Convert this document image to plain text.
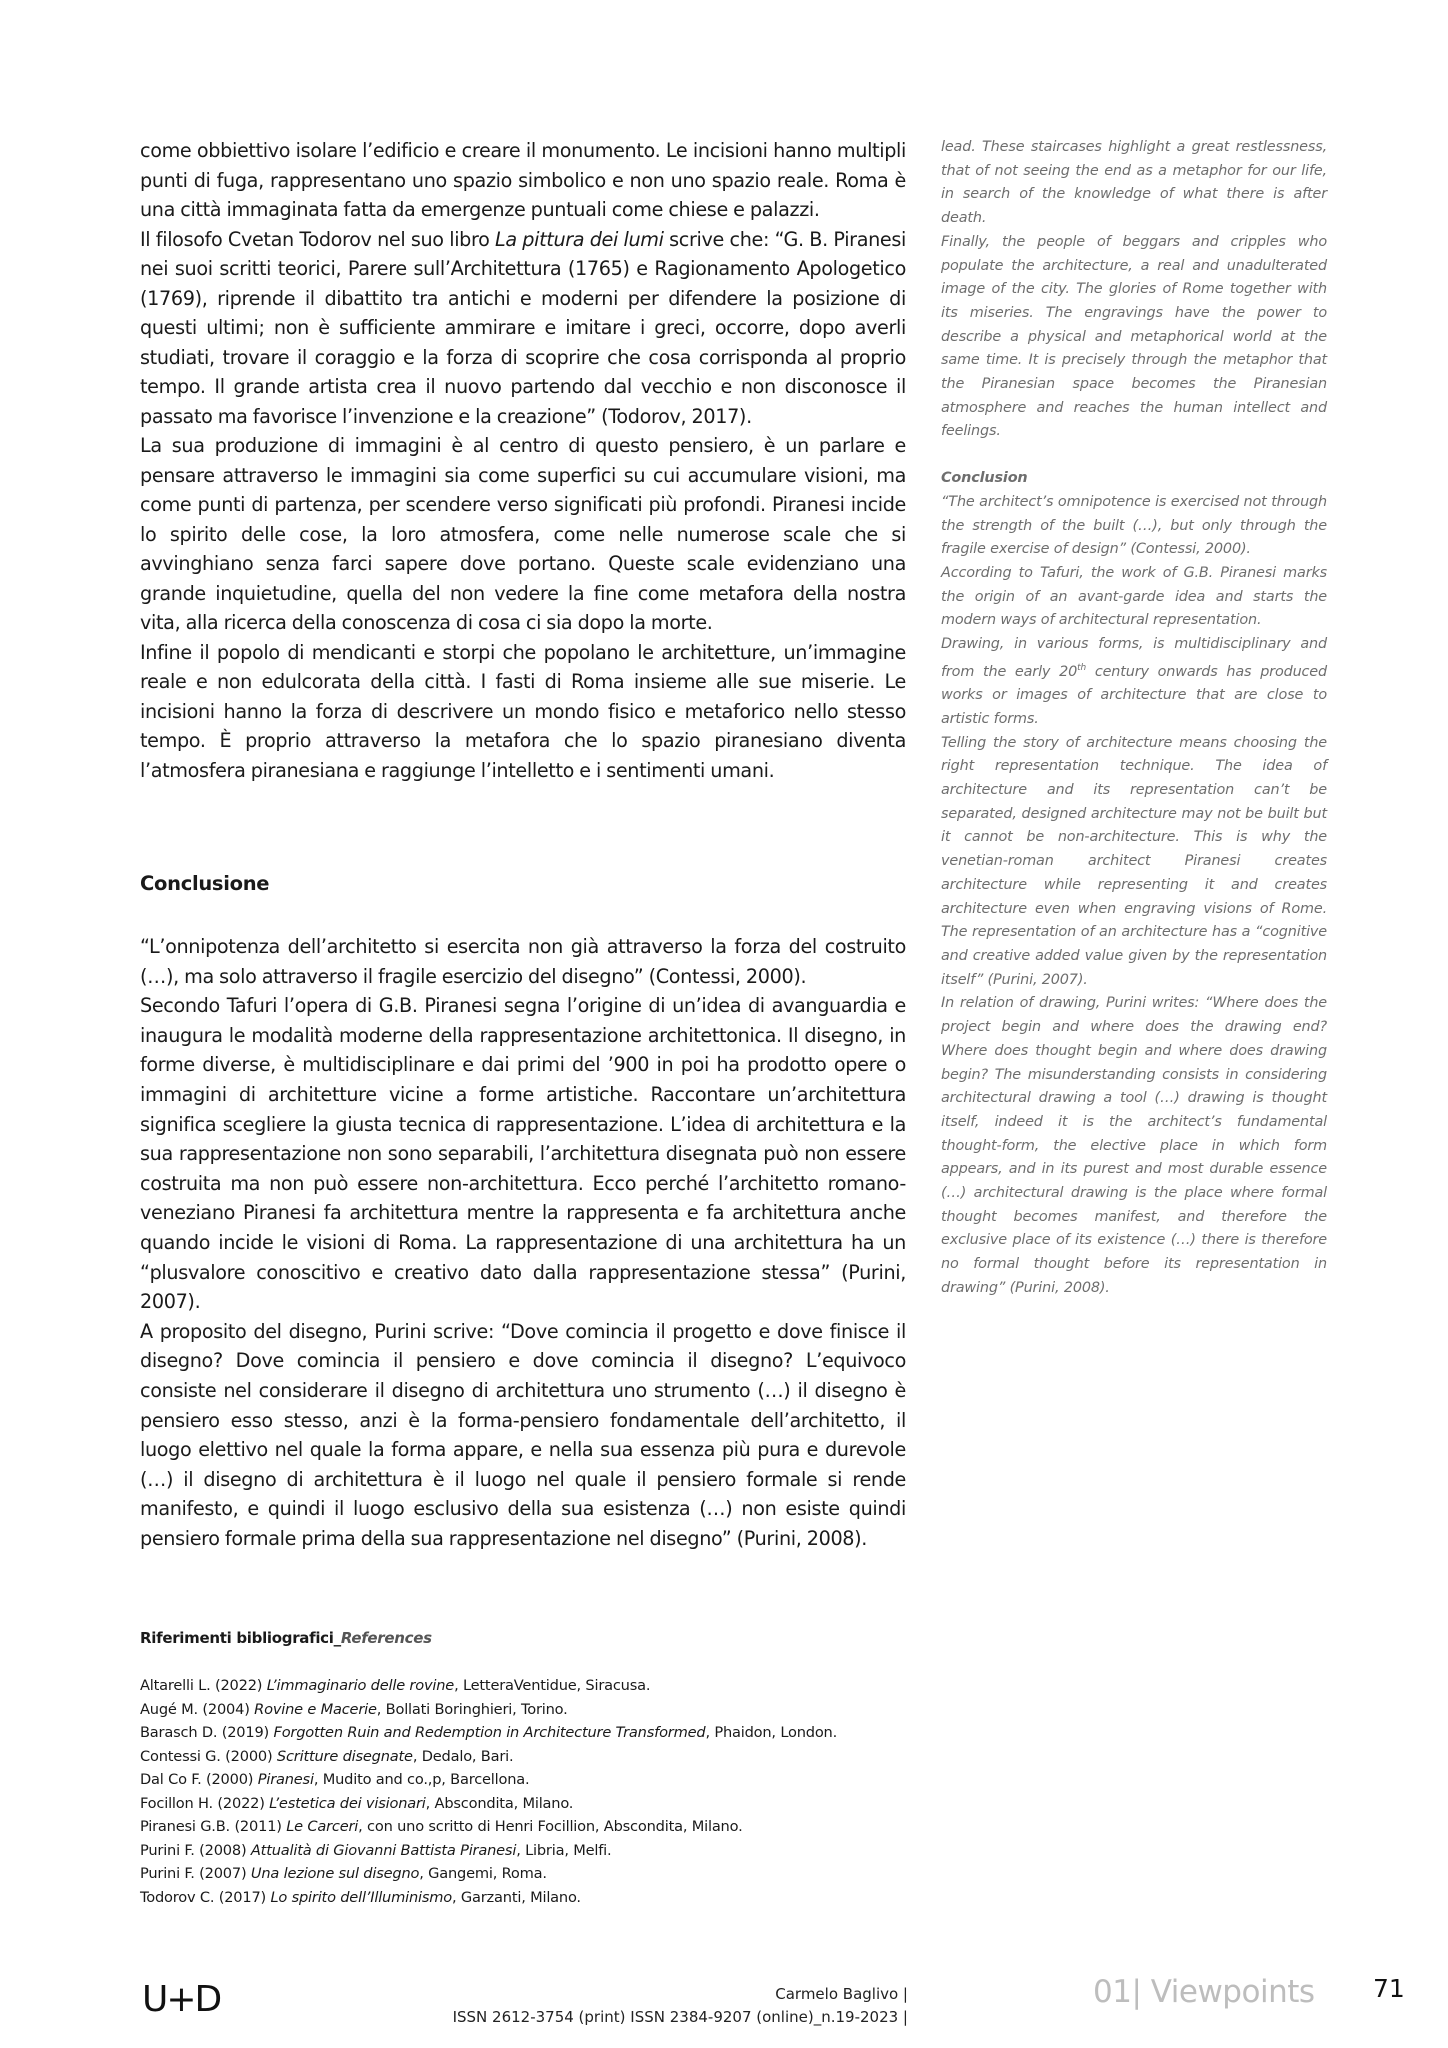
come obbiettivo isolare l’edificio e creare il monumento. Le incisioni hanno multipli punti di fuga, rappresentano uno spazio simbolico e non uno spazio reale. Roma è una città immaginata fatta da emergenze puntuali come chiese e palazzi.

Il filosofo Cvetan Todorov nel suo libro La pittura dei lumi scrive che: “G. B. Piranesi nei suoi scritti teorici, Parere sull’Architettura (1765) e Ragionamento Apologetico (1769), riprende il dibattito tra antichi e moderni per difendere la posizione di questi ultimi; non è sufficiente ammirare e imitare i greci, occorre, dopo averli studiati, trovare il coraggio e la forza di scoprire che cosa corrisponda al proprio tempo. Il grande artista crea il nuovo partendo dal vecchio e non disconosce il passato ma favorisce l’invenzione e la creazione” (Todorov, 2017).

La sua produzione di immagini è al centro di questo pensiero, è un parlare e pensare attraverso le immagini sia come superfici su cui accumulare visioni, ma come punti di partenza, per scendere verso significati più profondi. Piranesi incide lo spirito delle cose, la loro atmosfera, come nelle numerose scale che si avvinghiano senza farci sapere dove portano. Queste scale evidenziano una grande inquietudine, quella del non vedere la fine come metafora della nostra vita, alla ricerca della conoscenza di cosa ci sia dopo la morte.

Infine il popolo di mendicanti e storpi che popolano le architetture, un’immagine reale e non edulcorata della città. I fasti di Roma insieme alle sue miserie. Le incisioni hanno la forza di descrivere un mondo fisico e metaforico nello stesso tempo. È proprio attraverso la metafora che lo spazio piranesiano diventa l’atmosfera piranesiana e raggiunge l’intelletto e i sentimenti umani.

Conclusione

“L’onnipotenza dell’architetto si esercita non già attraverso la forza del costruito (…), ma solo attraverso il fragile esercizio del disegno” (Contessi, 2000).

Secondo Tafuri l’opera di G.B. Piranesi segna l’origine di un’idea di avanguardia e inaugura le modalità moderne della rappresentazione architettonica. Il disegno, in forme diverse, è multidisciplinare e dai primi del ’900 in poi ha prodotto opere o immagini di architetture vicine a forme artistiche. Raccontare un’architettura significa scegliere la giusta tecnica di rappresentazione. L’idea di architettura e la sua rappresentazione non sono separabili, l’architettura disegnata può non essere costruita ma non può essere non-architettura. Ecco perché l’architetto romano-veneziano Piranesi fa architettura mentre la rappresenta e fa architettura anche quando incide le visioni di Roma. La rappresentazione di una architettura ha un “plusvalore conoscitivo e creativo dato dalla rappresentazione stessa” (Purini, 2007).

A proposito del disegno, Purini scrive: “Dove comincia il progetto e dove finisce il disegno? Dove comincia il pensiero e dove comincia il disegno? L’equivoco consiste nel considerare il disegno di architettura uno strumento (…) il disegno è pensiero esso stesso, anzi è la forma-pensiero fondamentale dell’architetto, il luogo elettivo nel quale la forma appare, e nella sua essenza più pura e durevole (…) il disegno di architettura è il luogo nel quale il pensiero formale si rende manifesto, e quindi il luogo esclusivo della sua esistenza (…) non esiste quindi pensiero formale prima della sua rappresentazione nel disegno” (Purini, 2008).

lead. These staircases highlight a great restlessness, that of not seeing the end as a metaphor for our life, in search of the knowledge of what there is after death.

Finally, the people of beggars and cripples who populate the architecture, a real and unadulterated image of the city. The glories of Rome together with its miseries. The engravings have the power to describe a physical and metaphorical world at the same time. It is precisely through the metaphor that the Piranesian space becomes the Piranesian atmosphere and reaches the human intellect and feelings.

Conclusion

“The architect’s omnipotence is exercised not through the strength of the built (…), but only through the fragile exercise of design” (Contessi, 2000).

According to Tafuri, the work of G.B. Piranesi marks the origin of an avant-garde idea and starts the modern ways of architectural representation.

Drawing, in various forms, is multidisciplinary and from the early 20th century onwards has produced works or images of architecture that are close to artistic forms.

Telling the story of architecture means choosing the right representation technique. The idea of architecture and its representation can’t be separated, designed architecture may not be built but it cannot be non-architecture. This is why the venetian-roman architect Piranesi creates architecture while representing it and creates architecture even when engraving visions of Rome. The representation of an architecture has a “cognitive and creative added value given by the representation itself” (Purini, 2007).

In relation of drawing, Purini writes: “Where does the project begin and where does the drawing end? Where does thought begin and where does drawing begin? The misunderstanding consists in considering architectural drawing a tool (…) drawing is thought itself, indeed it is the architect’s fundamental thought-form, the elective place in which form appears, and in its purest and most durable essence (…) architectural drawing is the place where formal thought becomes manifest, and therefore the exclusive place of its existence (…) there is therefore no formal thought before its representation in drawing” (Purini, 2008).

Riferimenti bibliografici_References
Altarelli L. (2022) L’immaginario delle rovine, LetteraVentidue, Siracusa.
Augé M. (2004) Rovine e Macerie, Bollati Boringhieri, Torino.
Barasch D. (2019) Forgotten Ruin and Redemption in Architecture Transformed, Phaidon, London.
Contessi G. (2000) Scritture disegnate, Dedalo, Bari.
Dal Co F. (2000) Piranesi, Mudito and co.,p, Barcellona.
Focillon H. (2022) L’estetica dei visionari, Abscondita, Milano.
Piranesi G.B. (2011) Le Carceri, con uno scritto di Henri Focillion, Abscondita, Milano.
Purini F. (2008) Attualità di Giovanni Battista Piranesi, Libria, Melfi.
Purini F. (2007) Una lezione sul disegno, Gangemi, Roma.
Todorov C. (2017) Lo spirito dell’Illuminismo, Garzanti, Milano.
U+D	Carmelo Baglivo |
ISSN 2612-3754 (print) ISSN 2384-9207 (online)_n.19-2023 |
01| Viewpoints 71
